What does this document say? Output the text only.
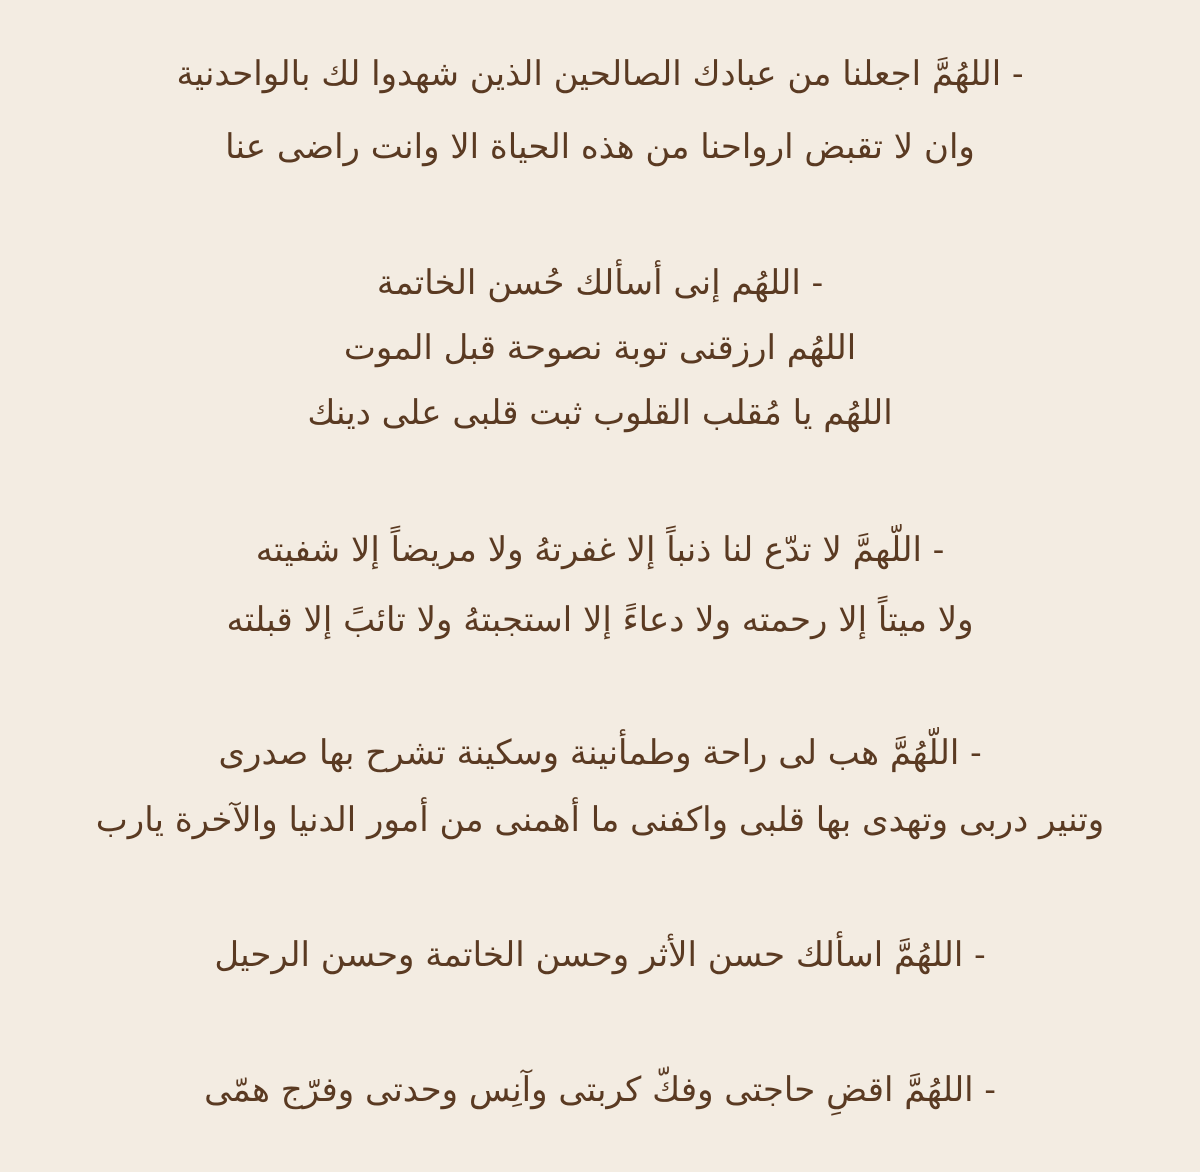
- اللهُمَّ اجعلنا من عبادك الصالحين الذين شهدوا لك بالواحدنية
وان لا تقبض ارواحنا من هذه الحياة الا وانت راضى عنا
- اللهُم إنى أسألك حُسن الخاتمة
اللهُم ارزقنى توبة نصوحة قبل الموت
اللهُم يا مُقلب القلوب ثبت قلبى على دينك
- اللّهمَّ لا تدّع لنا ذنباً إلا غفرتهُ ولا مريضاً إلا شفيته
ولا ميتاً إلا رحمته ولا دعاءً إلا استجبتهُ ولا تائبً إلا قبلته
- اللّهُمَّ هب لى راحة وطمأنينة وسكينة تشرح بها صدرى
وتنير دربى وتهدى بها قلبى واكفنى ما أهمنى من أمور الدنيا والآخرة يارب
- اللهُمَّ اسألك حسن الأثر وحسن الخاتمة وحسن الرحيل
- اللهُمَّ اقضِ حاجتى وفكّ كربتى وآنِس وحدتى وفرّج همّى
